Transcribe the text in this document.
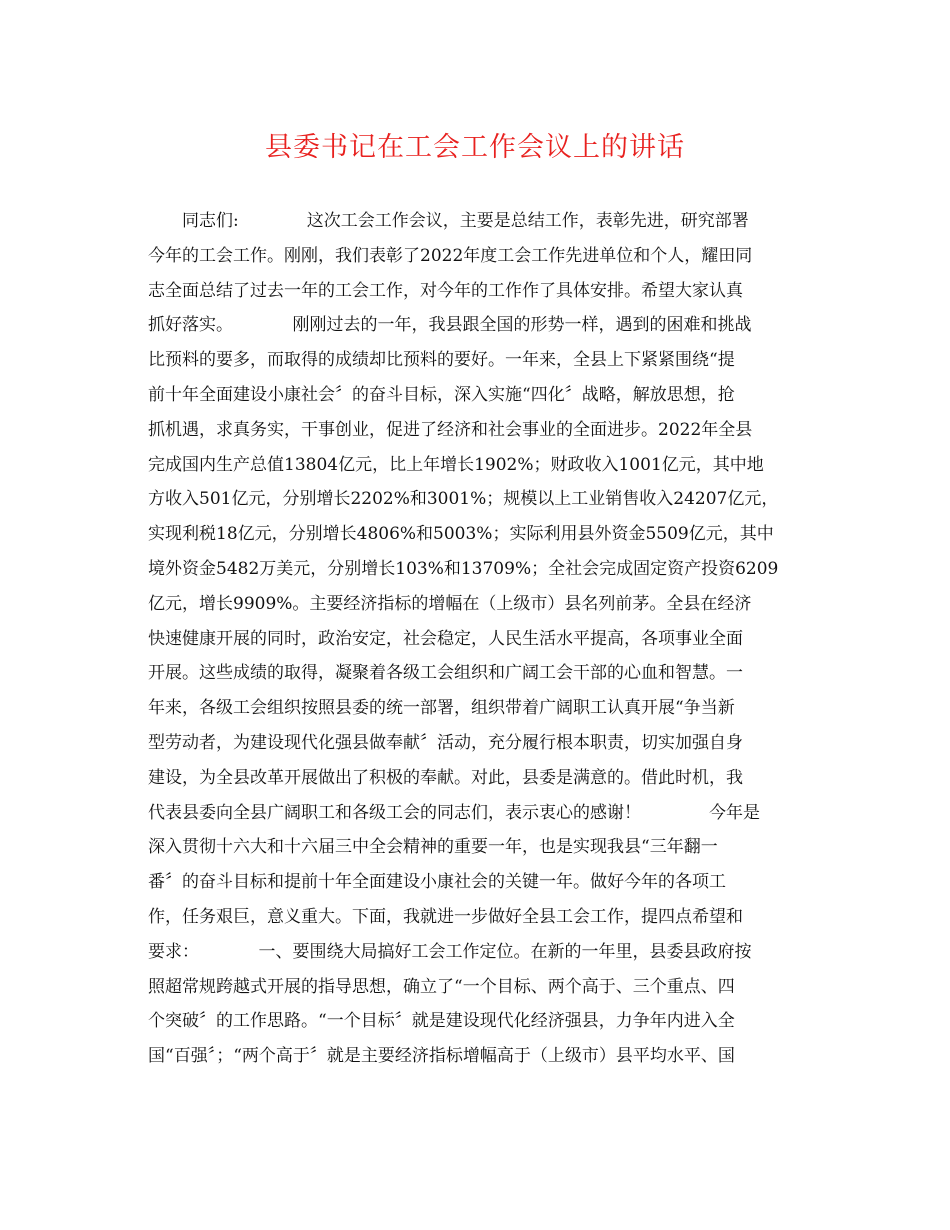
县委书记在工会工作会议上的讲话
　　同志们:　　　　这次工会工作会议，主要是总结工作，表彰先进，研究部署
今年的工会工作。刚刚，我们表彰了2022年度工会工作先进单位和个人，耀田同
志全面总结了过去一年的工会工作，对今年的工作作了具体安排。希望大家认真
抓好落实。　　　　刚刚过去的一年，我县跟全国的形势一样，遇到的困难和挑战
比预料的要多，而取得的成绩却比预料的要好。一年来，全县上下紧紧围绕“提
前十年全面建设小康社会〞的奋斗目标，深入实施“四化〞战略，解放思想，抢
抓机遇，求真务实，干事创业，促进了经济和社会事业的全面进步。2022年全县
完成国内生产总值13804亿元，比上年增长1902%；财政收入1001亿元，其中地
方收入501亿元，分别增长2202%和3001%；规模以上工业销售收入24207亿元，
实现利税18亿元，分别增长4806%和5003%；实际利用县外资金5509亿元，其中
境外资金5482万美元，分别增长103%和13709%；全社会完成固定资产投资6209
亿元，增长9909%。主要经济指标的增幅在（上级市）县名列前茅。全县在经济
快速健康开展的同时，政治安定，社会稳定，人民生活水平提高，各项事业全面
开展。这些成绩的取得，凝聚着各级工会组织和广阔工会干部的心血和智慧。一
年来，各级工会组织按照县委的统一部署，组织带着广阔职工认真开展“争当新
型劳动者，为建设现代化强县做奉献〞活动，充分履行根本职责，切实加强自身
建设，为全县改革开展做出了积极的奉献。对此，县委是满意的。借此时机，我
代表县委向全县广阔职工和各级工会的同志们，表示衷心的感谢！　　　　今年是
深入贯彻十六大和十六届三中全会精神的重要一年，也是实现我县“三年翻一
番〞的奋斗目标和提前十年全面建设小康社会的关键一年。做好今年的各项工
作，任务艰巨，意义重大。下面，我就进一步做好全县工会工作，提四点希望和
要求：　　　　一、要围绕大局搞好工会工作定位。在新的一年里，县委县政府按
照超常规跨越式开展的指导思想，确立了“一个目标、两个高于、三个重点、四
个突破〞的工作思路。“一个目标〞就是建设现代化经济强县，力争年内进入全
国“百强〞；“两个高于〞就是主要经济指标增幅高于（上级市）县平均水平、国
